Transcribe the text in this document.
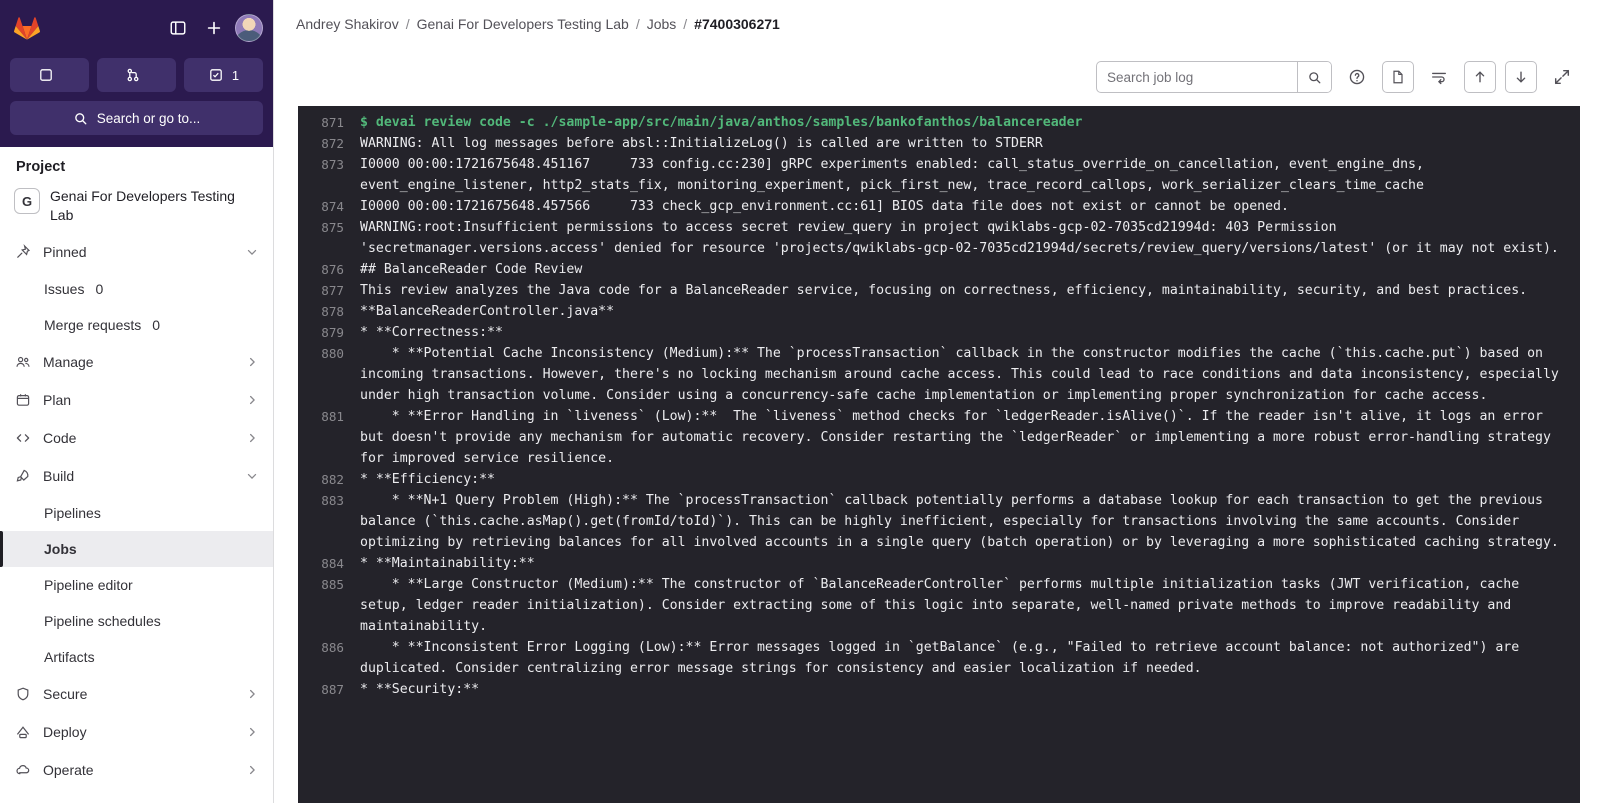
1
Search or go to...
Project
G	Genai For Developers Testing Lab
Pinned
Issues 0
Merge requests 0
Manage
Plan
Code
Build
Pipelines
Jobs
Pipeline editor
Pipeline schedules
Artifacts
Secure
Deploy
Operate
Andrey Shakirov / Genai For Developers Testing Lab / Jobs / #7400306271
Search job log
871	$ devai review code -c ./sample-app/src/main/java/anthos/samples/bankofanthos/balancereader
872	WARNING: All log messages before absl::InitializeLog() is called are written to STDERR
873	I0000 00:00:1721675648.451167     733 config.cc:230] gRPC experiments enabled: call_status_override_on_cancellation, event_engine_dns, event_engine_listener, http2_stats_fix, monitoring_experiment, pick_first_new, trace_record_callops, work_serializer_clears_time_cache
874	I0000 00:00:1721675648.457566     733 check_gcp_environment.cc:61] BIOS data file does not exist or cannot be opened.
875	WARNING:root:Insufficient permissions to access secret review_query in project qwiklabs-gcp-02-7035cd21994d: 403 Permission 'secretmanager.versions.access' denied for resource 'projects/qwiklabs-gcp-02-7035cd21994d/secrets/review_query/versions/latest' (or it may not exist).
876	## BalanceReader Code Review
877	This review analyzes the Java code for a BalanceReader service, focusing on correctness, efficiency, maintainability, security, and best practices.
878	**BalanceReaderController.java**
879	* **Correctness:**
880	* **Potential Cache Inconsistency (Medium):** The `processTransaction` callback in the constructor modifies the cache (`this.cache.put`) based on incoming transactions. However, there's no locking mechanism around cache access. This could lead to race conditions and data inconsistency, especially under high transaction volume. Consider using a concurrency-safe cache implementation or implementing proper synchronization for cache access.
881	* **Error Handling in `liveness` (Low):**  The `liveness` method checks for `ledgerReader.isAlive()`. If the reader isn't alive, it logs an error but doesn't provide any mechanism for automatic recovery. Consider restarting the `ledgerReader` or implementing a more robust error-handling strategy for improved service resilience.
882	* **Efficiency:**
883	* **N+1 Query Problem (High):** The `processTransaction` callback potentially performs a database lookup for each transaction to get the previous balance (`this.cache.asMap().get(fromId/toId)`). This can be highly inefficient, especially for transactions involving the same accounts. Consider optimizing by retrieving balances for all involved accounts in a single query (batch operation) or by leveraging a more sophisticated caching strategy.
884	* **Maintainability:**
885	* **Large Constructor (Medium):** The constructor of `BalanceReaderController` performs multiple initialization tasks (JWT verification, cache setup, ledger reader initialization). Consider extracting some of this logic into separate, well-named private methods to improve readability and maintainability.
886	* **Inconsistent Error Logging (Low):** Error messages logged in `getBalance` (e.g., "Failed to retrieve account balance: not authorized") are duplicated. Consider centralizing error message strings for consistency and easier localization if needed.
887	* **Security:**
